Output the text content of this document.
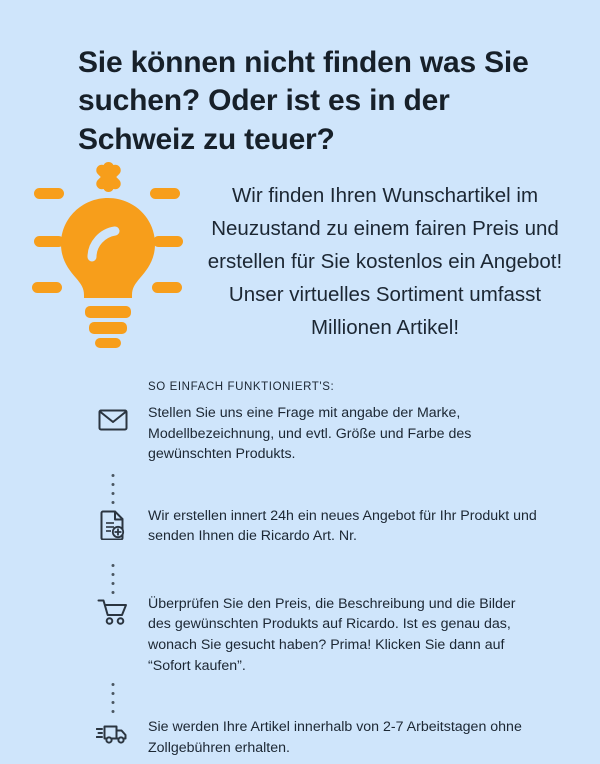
Sie können nicht finden was Sie suchen? Oder ist es in der Schweiz zu teuer?

Wir finden Ihren Wunschartikel im Neuzustand zu einem fairen Preis und erstellen für Sie kostenlos ein Angebot! Unser virtuelles Sortiment umfasst Millionen Artikel!

SO EINFACH FUNKTIONIERT'S:
Stellen Sie uns eine Frage mit angabe der Marke, Modellbezeichnung, und evtl. Größe und Farbe des gewünschten Produkts.
Wir erstellen innert 24h ein neues Angebot für Ihr Produkt und senden Ihnen die Ricardo Art. Nr.
Überprüfen Sie den Preis, die Beschreibung und die Bilder des gewünschten Produkts auf Ricardo. Ist es genau das, wonach Sie gesucht haben? Prima! Klicken Sie dann auf “Sofort kaufen”.
Sie werden Ihre Artikel innerhalb von 2-7 Arbeitstagen ohne Zollgebühren erhalten.
